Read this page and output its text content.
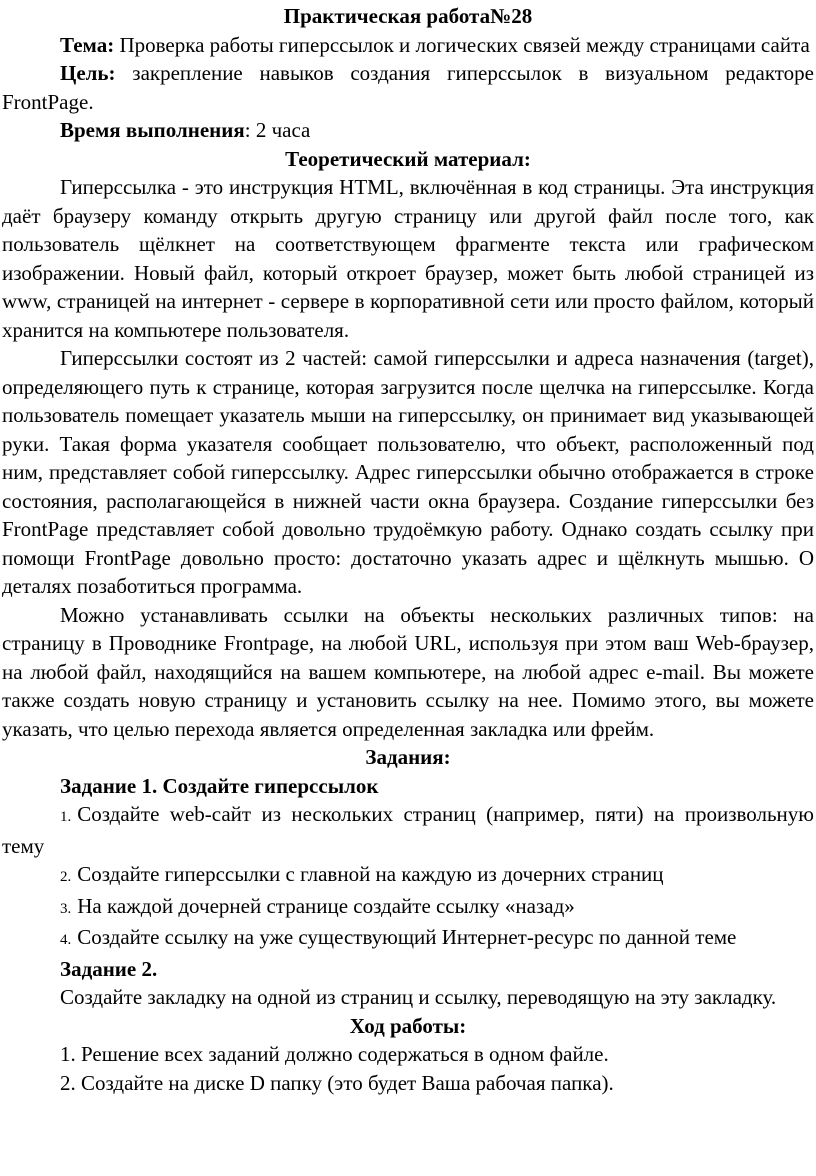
Практическая работа№28

Тема: Проверка работы гиперссылок и логических связей между страницами сайта

Цель: закрепление навыков создания гиперссылок в визуальном редакторе FrontPage.

Время выполнения: 2 часа

Теоретический материал:

Гиперссылка - это инструкция HTML, включённая в код страницы. Эта инструкция даёт браузеру команду открыть другую страницу или другой файл после того, как пользователь щёлкнет на соответствующем фрагменте текста или графическом изображении. Новый файл, который откроет браузер, может быть любой страницей из www, страницей на интернет - сервере в корпоративной сети или просто файлом, который хранится на компьютере пользователя.

Гиперссылки состоят из 2 частей: самой гиперссылки и адреса назначения (target), определяющего путь к странице, которая загрузится после щелчка на гиперссылке. Когда пользователь помещает указатель мыши на гиперссылку, он принимает вид указывающей руки. Такая форма указателя сообщает пользователю, что объект, расположенный под ним, представляет собой гиперссылку. Адрес гиперссылки обычно отображается в строке состояния, располагающейся в нижней части окна браузера. Создание гиперссылки без FrontPage представляет собой довольно трудоёмкую работу. Однако создать ссылку при помощи FrontPage довольно просто: достаточно указать адрес и щёлкнуть мышью. О деталях позаботиться программа.

Можно устанавливать ссылки на объекты нескольких различных типов: на страницу в Проводнике Frontpage, на любой URL, используя при этом ваш Web-браузер, на любой файл, находящийся на вашем компьютере, на любой адрес e-mail. Вы можете также создать новую страницу и установить ссылку на нее. Помимо этого, вы можете указать, что целью перехода является определенная закладка или фрейм.

Задания:

Задание 1. Создайте гиперссылок

1. Создайте web-сайт из нескольких страниц (например, пяти) на произвольную тему

2. Создайте гиперссылки с главной на каждую из дочерних страниц

3. На каждой дочерней странице создайте ссылку «назад»

4. Создайте ссылку на уже существующий Интернет-ресурс по данной теме

Задание 2.

Создайте закладку на одной из страниц и ссылку, переводящую на эту закладку.

Ход работы:

1. Решение всех заданий должно содержаться в одном файле.

2. Создайте на диске D папку (это будет Ваша рабочая папка).
